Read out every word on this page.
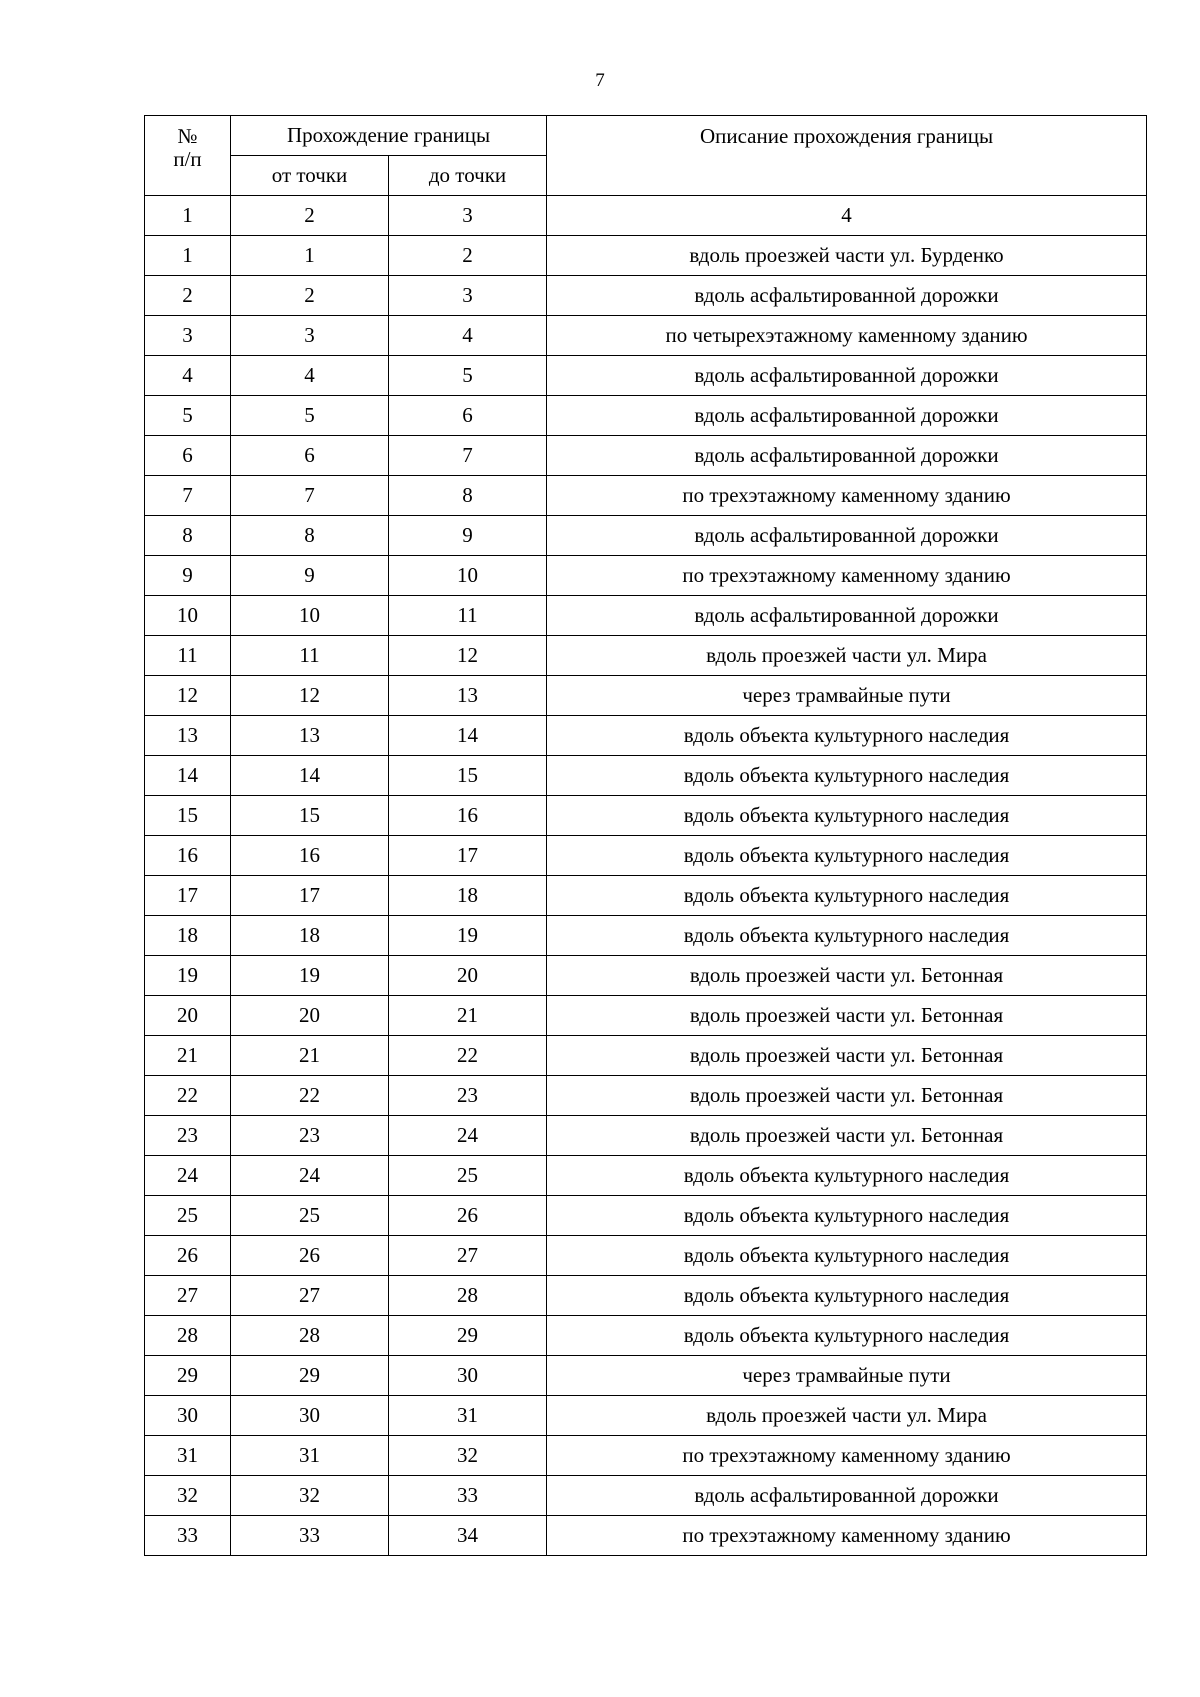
7
№
п/п	Прохождение границы		Описание прохождения границы
	от точки	до точки	
1	2	3	4
1	1	2	вдоль проезжей части ул. Бурденко
2	2	3	вдоль асфальтированной дорожки
3	3	4	по четырехэтажному каменному зданию
4	4	5	вдоль асфальтированной дорожки
5	5	6	вдоль асфальтированной дорожки
6	6	7	вдоль асфальтированной дорожки
7	7	8	по трехэтажному каменному зданию
8	8	9	вдоль асфальтированной дорожки
9	9	10	по трехэтажному каменному зданию
10	10	11	вдоль асфальтированной дорожки
11	11	12	вдоль проезжей части ул. Мира
12	12	13	через трамвайные пути
13	13	14	вдоль объекта культурного наследия
14	14	15	вдоль объекта культурного наследия
15	15	16	вдоль объекта культурного наследия
16	16	17	вдоль объекта культурного наследия
17	17	18	вдоль объекта культурного наследия
18	18	19	вдоль объекта культурного наследия
19	19	20	вдоль проезжей части ул. Бетонная
20	20	21	вдоль проезжей части ул. Бетонная
21	21	22	вдоль проезжей части ул. Бетонная
22	22	23	вдоль проезжей части ул. Бетонная
23	23	24	вдоль проезжей части ул. Бетонная
24	24	25	вдоль объекта культурного наследия
25	25	26	вдоль объекта культурного наследия
26	26	27	вдоль объекта культурного наследия
27	27	28	вдоль объекта культурного наследия
28	28	29	вдоль объекта культурного наследия
29	29	30	через трамвайные пути
30	30	31	вдоль проезжей части ул. Мира
31	31	32	по трехэтажному каменному зданию
32	32	33	вдоль асфальтированной дорожки
33	33	34	по трехэтажному каменному зданию
